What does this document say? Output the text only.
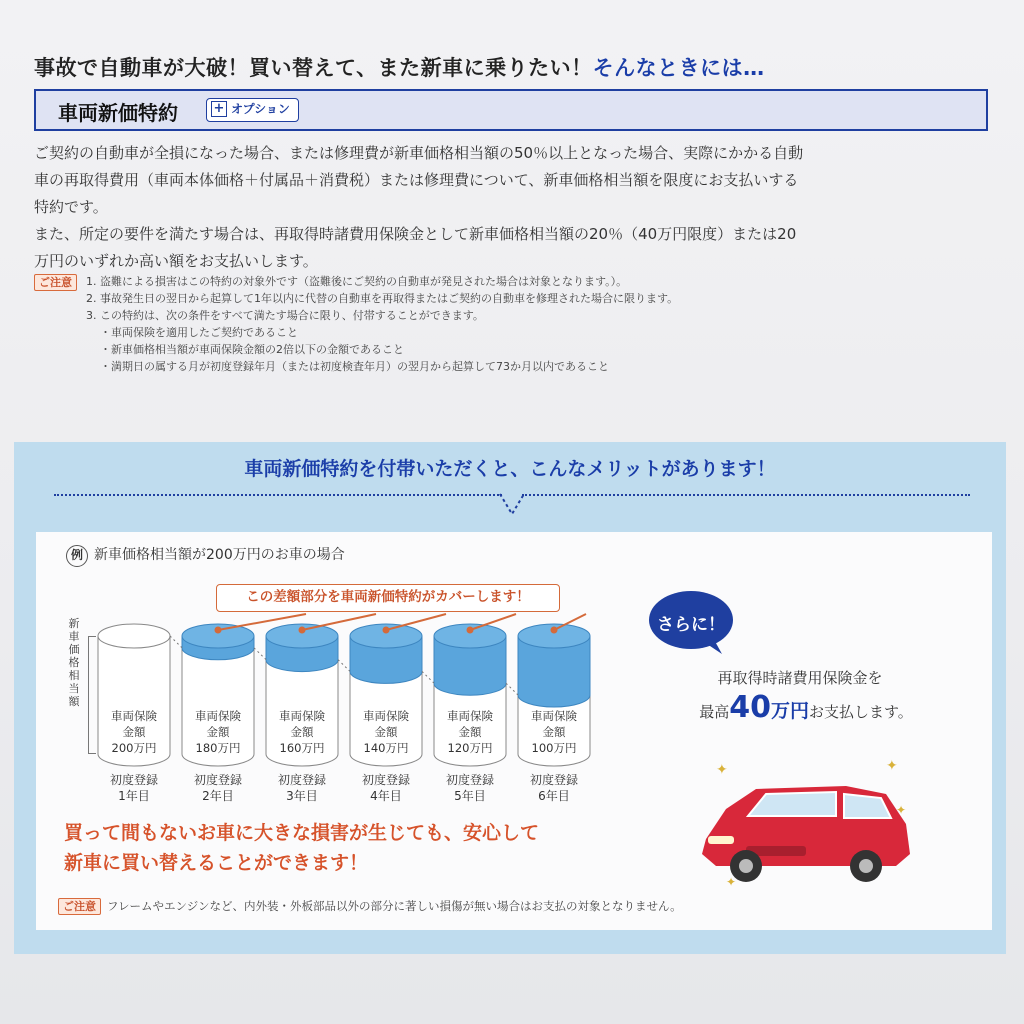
事故で自動車が大破！買い替えて、また新車に乗りたい！そんなときには…
車両新価特約	+ オプション

ご契約の自動車が全損になった場合、または修理費が新車価格相当額の50％以上となった場合、実際にかかる自動車の再取得費用（車両本体価格＋付属品＋消費税）または修理費について、新車価格相当額を限度にお支払いする特約です。

また、所定の要件を満たす場合は、再取得時諸費用保険金として新車価格相当額の20％（40万円限度）または20万円のいずれか高い額をお支払いします。

ご注意	1. 盗難による損害はこの特約の対象外です（盗難後にご契約の自動車が発見された場合は対象となります。）。
2. 事故発生日の翌日から起算して1年以内に代替の自動車を再取得またはご契約の自動車を修理された場合に限ります。
3. この特約は、次の条件をすべて満たす場合に限り、付帯することができます。
・車両保険を適用したご契約であること
・新車価格相当額が車両保険金額の2倍以下の金額であること
・満期日の属する月が初度登録年月（または初度検査年月）の翌月から起算して73か月以内であること
車両新価特約を付帯いただくと、こんなメリットがあります！
例 新車価格相当額が200万円のお車の場合
この差額部分を車両新価特約がカバーします！
新車価格相当額
車両保険
金額
200万円
初度登録
1年目
車両保険
金額
180万円
初度登録
2年目
車両保険
金額
160万円
初度登録
3年目
車両保険
金額
140万円
初度登録
4年目
車両保険
金額
120万円
初度登録
5年目
車両保険
金額
100万円
初度登録
6年目
買って間もないお車に大きな損害が生じても、安心して
新車に買い替えることができます！
さらに！
再取得時諸費用保険金を
最高40万円お支払します。
✦	✦
✦
✦
ご注意 フレームやエンジンなど、内外装・外板部品以外の部分に著しい損傷が無い場合はお支払の対象となりません。
